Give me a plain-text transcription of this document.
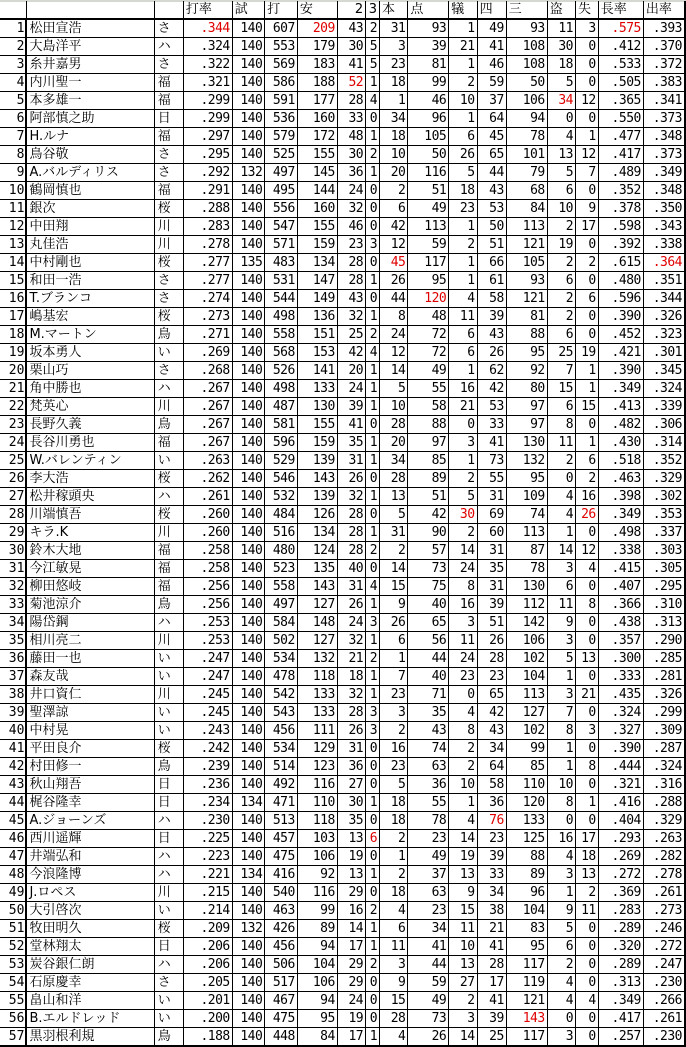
			打率	試	打	安	2	3	本	点	犠	四	三	盗	失	長率	出率
1	松田宣浩	さ	.344	140	607	209	43	2	31	93	1	49	93	11	3	.575	.393
2	大島洋平	ハ	.324	140	553	179	30	5	3	39	21	41	108	30	0	.412	.370
3	糸井嘉男	さ	.322	140	569	183	41	5	23	81	1	46	108	18	0	.533	.372
4	内川聖一	福	.321	140	586	188	52	1	18	99	2	59	50	5	0	.505	.383
5	本多雄一	福	.299	140	591	177	28	4	1	46	10	37	106	34	12	.365	.341
6	阿部慎之助	日	.299	140	536	160	33	0	34	96	1	64	94	0	0	.550	.373
7	H.ルナ	福	.297	140	579	172	48	1	18	105	6	45	78	4	1	.477	.348
8	鳥谷敬	さ	.295	140	525	155	30	2	10	50	26	65	101	13	12	.417	.373
9	A.バルディリス	さ	.292	132	497	145	36	1	20	116	5	44	79	5	7	.489	.349
10	鶴岡慎也	福	.291	140	495	144	24	0	2	51	18	43	68	6	0	.352	.348
11	銀次	桜	.288	140	556	160	32	0	6	49	23	53	84	10	9	.378	.350
12	中田翔	川	.283	140	547	155	46	0	42	113	1	50	113	2	17	.598	.343
13	丸佳浩	川	.278	140	571	159	23	3	12	59	2	51	121	19	0	.392	.338
14	中村剛也	桜	.277	135	483	134	28	0	45	117	1	66	105	2	2	.615	.364
15	和田一浩	さ	.277	140	531	147	28	1	26	95	1	61	93	6	0	.480	.351
16	T.ブランコ	さ	.274	140	544	149	43	0	44	120	4	58	121	2	6	.596	.344
17	嶋基宏	桜	.273	140	498	136	32	1	8	48	11	39	81	2	0	.390	.326
18	M.マートン	鳥	.271	140	558	151	25	2	24	72	6	43	88	6	0	.452	.323
19	坂本勇人	い	.269	140	568	153	42	4	12	72	6	26	95	25	19	.421	.301
20	栗山巧	さ	.268	140	526	141	20	1	14	49	1	62	92	7	1	.390	.345
21	角中勝也	ハ	.267	140	498	133	24	1	5	55	16	42	80	15	1	.349	.324
22	梵英心	川	.267	140	487	130	39	1	10	58	21	53	97	6	15	.413	.339
23	長野久義	鳥	.267	140	581	155	41	0	28	88	0	33	97	8	0	.482	.306
24	長谷川勇也	福	.267	140	596	159	35	1	20	97	3	41	130	11	1	.430	.314
25	W.バレンティン	い	.263	140	529	139	31	1	34	85	1	73	132	2	6	.518	.352
26	李大浩	桜	.262	140	546	143	26	0	28	89	2	55	95	0	2	.463	.329
27	松井稼頭央	ハ	.261	140	532	139	32	1	13	51	5	31	109	4	16	.398	.302
28	川端慎吾	桜	.260	140	484	126	28	0	5	42	30	69	74	4	26	.349	.353
29	キラ.K	川	.260	140	516	134	28	1	31	90	2	60	113	1	0	.498	.337
30	鈴木大地	福	.258	140	480	124	28	2	2	57	14	31	87	14	12	.338	.303
31	今江敏晃	福	.258	140	523	135	40	0	14	73	24	35	78	3	4	.415	.305
32	柳田悠岐	福	.256	140	558	143	31	4	15	75	8	31	130	6	0	.407	.295
33	菊池涼介	鳥	.256	140	497	127	26	1	9	40	16	39	112	11	8	.366	.310
34	陽岱鋼	ハ	.253	140	584	148	24	3	26	65	3	51	142	9	0	.438	.313
35	相川亮二	川	.253	140	502	127	32	1	6	56	11	26	106	3	0	.357	.290
36	藤田一也	い	.247	140	534	132	21	2	1	44	24	28	102	5	13	.300	.285
37	森友哉	い	.247	140	478	118	18	1	7	40	23	23	104	1	0	.333	.281
38	井口資仁	川	.245	140	542	133	32	1	23	71	0	65	113	3	21	.435	.326
39	聖澤諒	い	.245	140	543	133	28	3	3	35	4	42	127	7	0	.324	.299
40	中村晃	い	.243	140	456	111	26	3	2	43	8	43	102	8	3	.327	.309
41	平田良介	桜	.242	140	534	129	31	0	16	74	2	34	99	1	0	.390	.287
42	村田修一	鳥	.239	140	514	123	36	0	23	63	2	64	85	1	8	.444	.324
43	秋山翔吾	日	.236	140	492	116	27	0	5	36	10	58	110	10	0	.321	.316
44	梶谷隆幸	日	.234	134	471	110	30	1	18	55	1	36	120	8	1	.416	.288
45	A.ジョーンズ	ハ	.230	140	513	118	35	0	18	78	4	76	133	0	0	.404	.329
46	西川遥輝	日	.225	140	457	103	13	6	2	23	14	23	125	16	17	.293	.263
47	井端弘和	ハ	.223	140	475	106	19	0	1	49	19	39	88	4	18	.269	.282
48	今浪隆博	ハ	.221	134	416	92	13	1	2	37	13	33	89	3	13	.272	.278
49	J.ロペス	川	.215	140	540	116	29	0	18	63	9	34	96	1	2	.369	.261
50	大引啓次	い	.214	140	463	99	16	2	4	23	15	38	104	9	11	.283	.273
51	牧田明久	桜	.209	132	426	89	14	1	6	34	11	21	83	5	0	.289	.246
52	堂林翔太	日	.206	140	456	94	17	1	11	41	10	41	95	6	0	.320	.272
53	炭谷銀仁朗	ハ	.206	140	506	104	29	2	3	44	13	28	117	2	0	.289	.247
54	石原慶幸	さ	.205	140	517	106	29	0	9	59	27	17	119	4	0	.313	.230
55	畠山和洋	い	.201	140	467	94	24	0	15	49	2	41	121	4	4	.349	.266
56	B.エルドレッド	い	.200	140	475	95	19	0	28	73	3	39	143	0	0	.417	.261
57	黒羽根利規	鳥	.188	140	448	84	17	1	4	26	14	25	117	3	0	.257	.230
